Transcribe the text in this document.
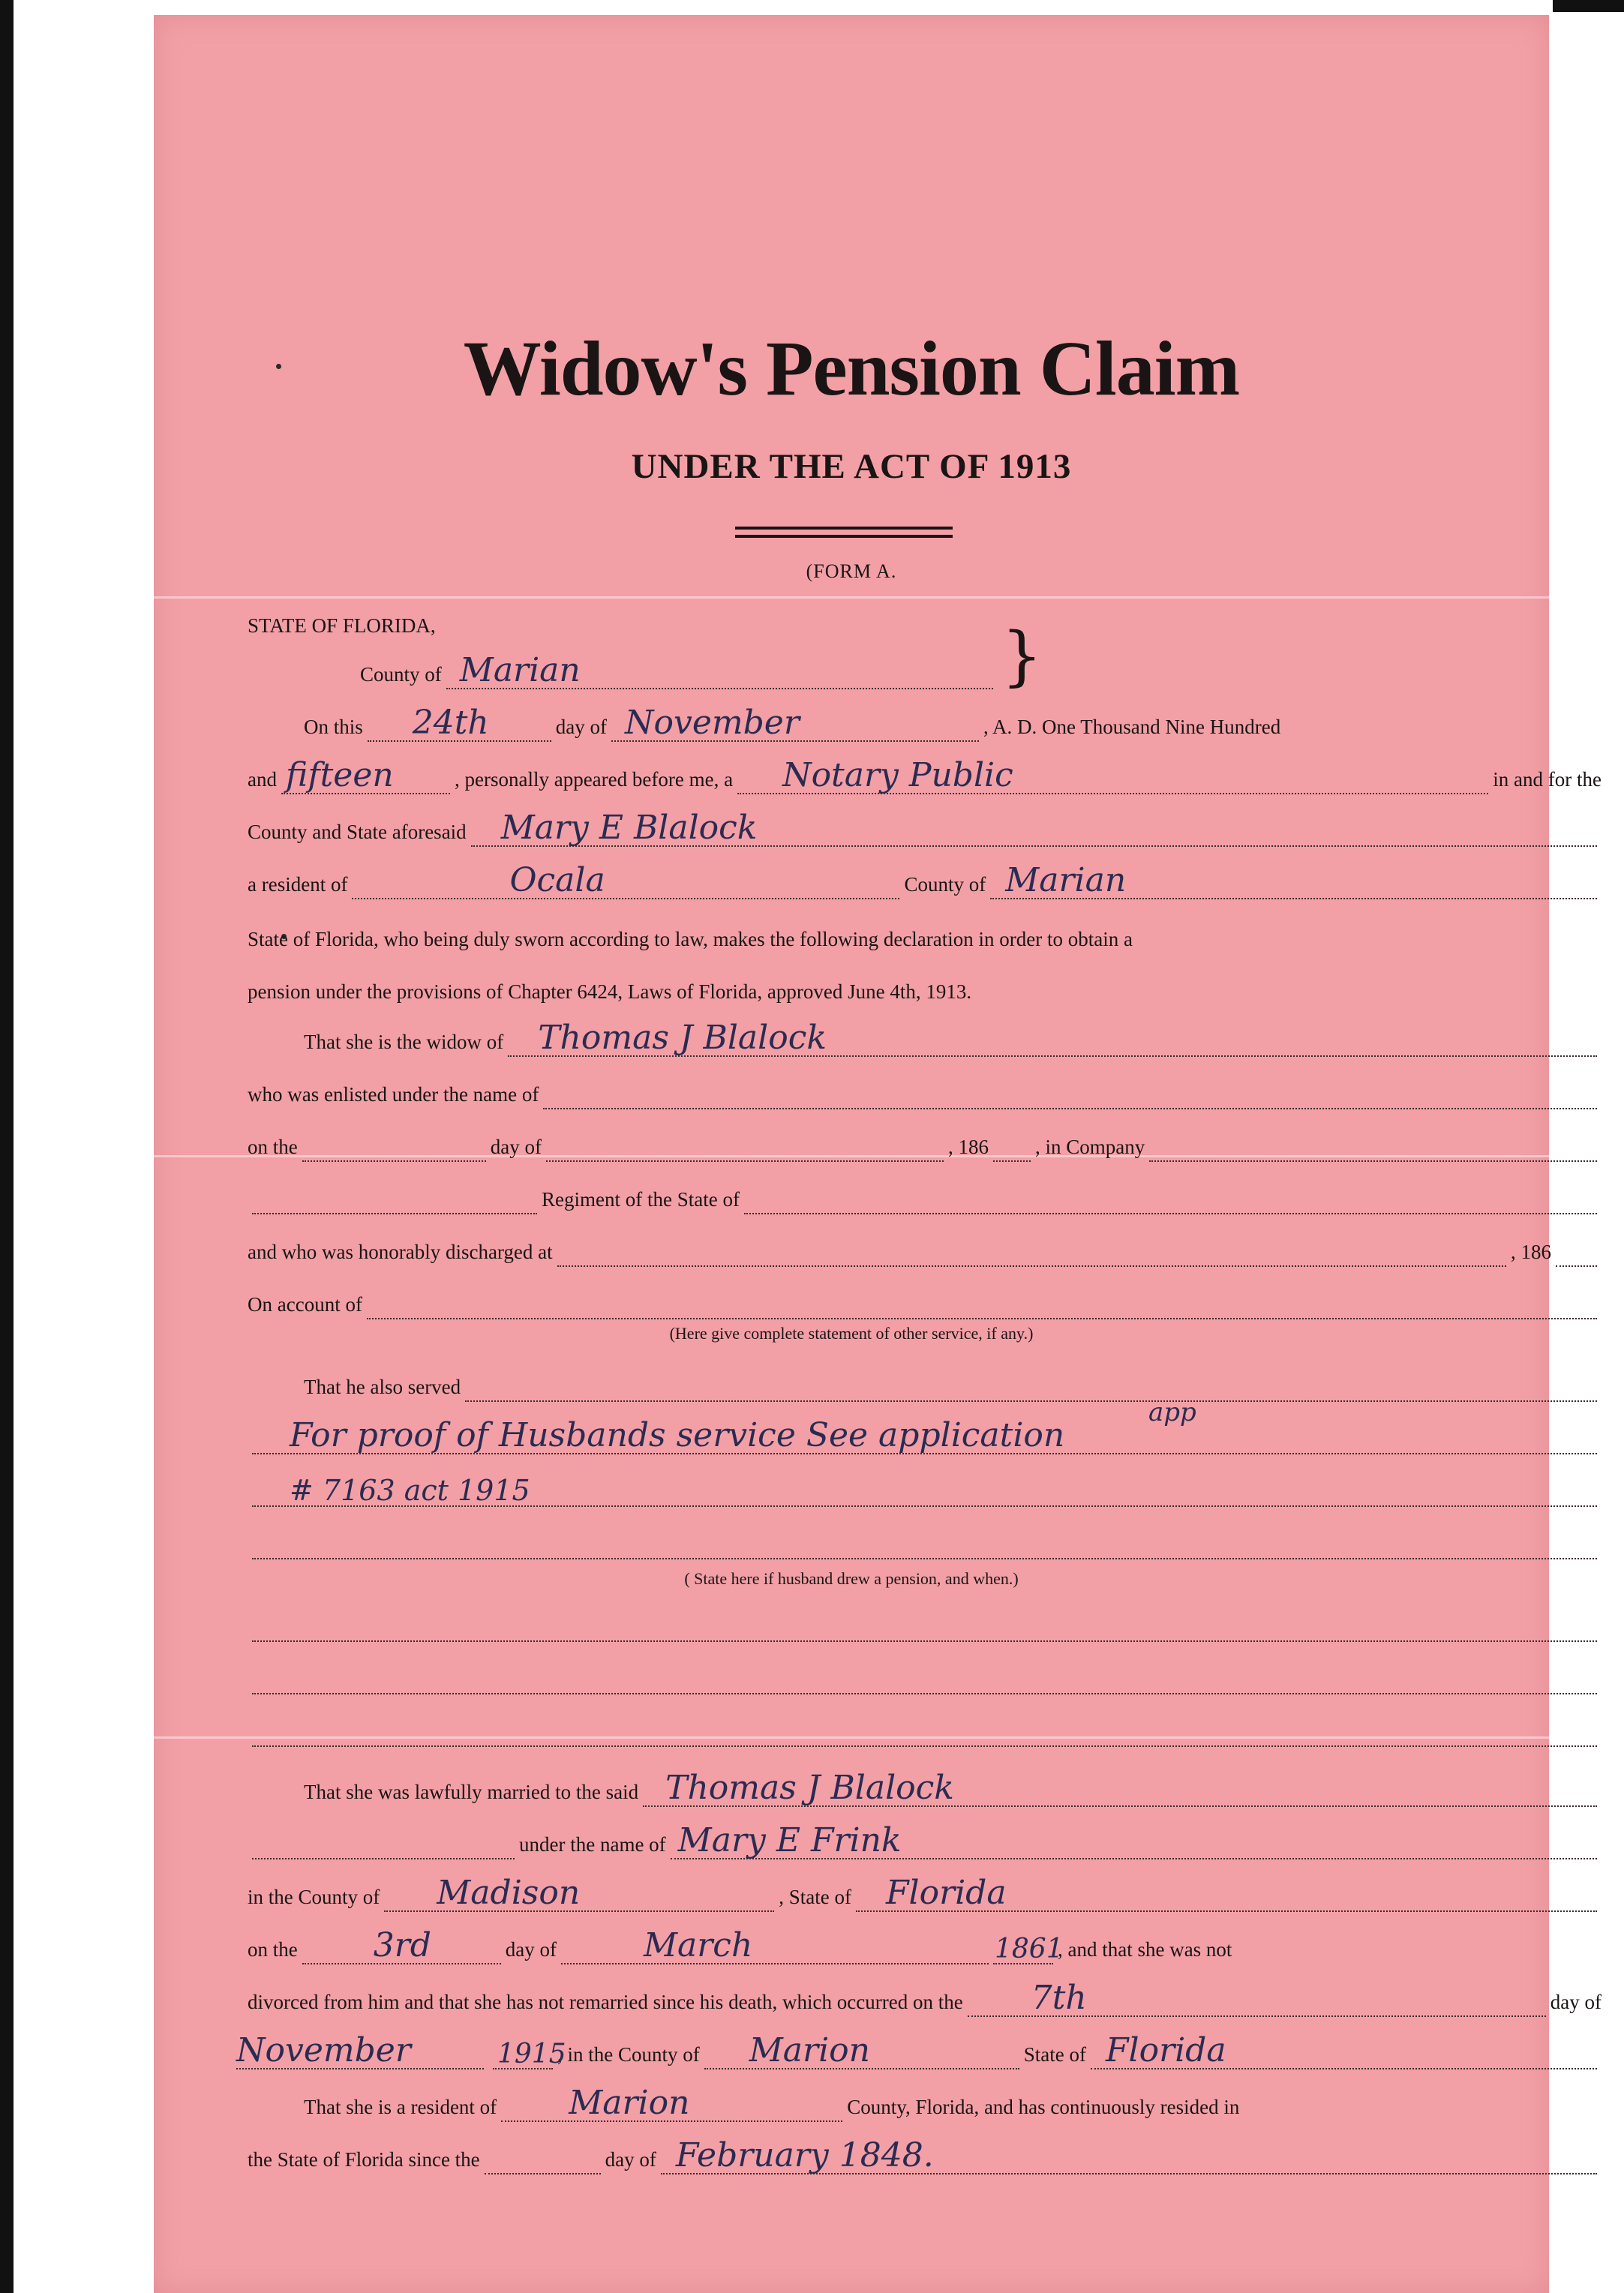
Widow's Pension Claim
UNDER THE ACT OF 1913
(FORM A.
STATE OF FLORIDA,	}
County of Marian
On this 24th	day of November	, A. D. One Thousand Nine Hundred
and fifteen	, personally appeared before me, a Notary Public	in and for the
County and State aforesaid Mary E Blalock
a resident of	Ocala	County of Marian
State of Florida, who being duly sworn according to law, makes the following declaration in order to obtain a
pension under the provisions of Chapter 6424, Laws of Florida, approved June 4th, 1913.
That she is the widow of Thomas J Blalock
who was enlisted under the name of
on the	day of	, 186 , in Company
Regiment of the State of
and who was honorably discharged at	, 186
On account of
(Here give complete statement of other service, if any.)
That he also served
For proof of Husbands service See application
app
# 7163 act 1915
( State here if husband drew a pension, and when.)
That she was lawfully married to the said Thomas J Blalock
under the name of Mary E Frink
in the County of Madison	, State of Florida
on the 3rd	day of	March	1861
, and that she was not
divorced from him and that she has not remarried since his death, which occurred on the 7th	day of
November	1915
, in the County of Marion	State of Florida
That she is a resident of Marion	County, Florida, and has continuously resided in
the State of Florida since the	day of February 1848.
